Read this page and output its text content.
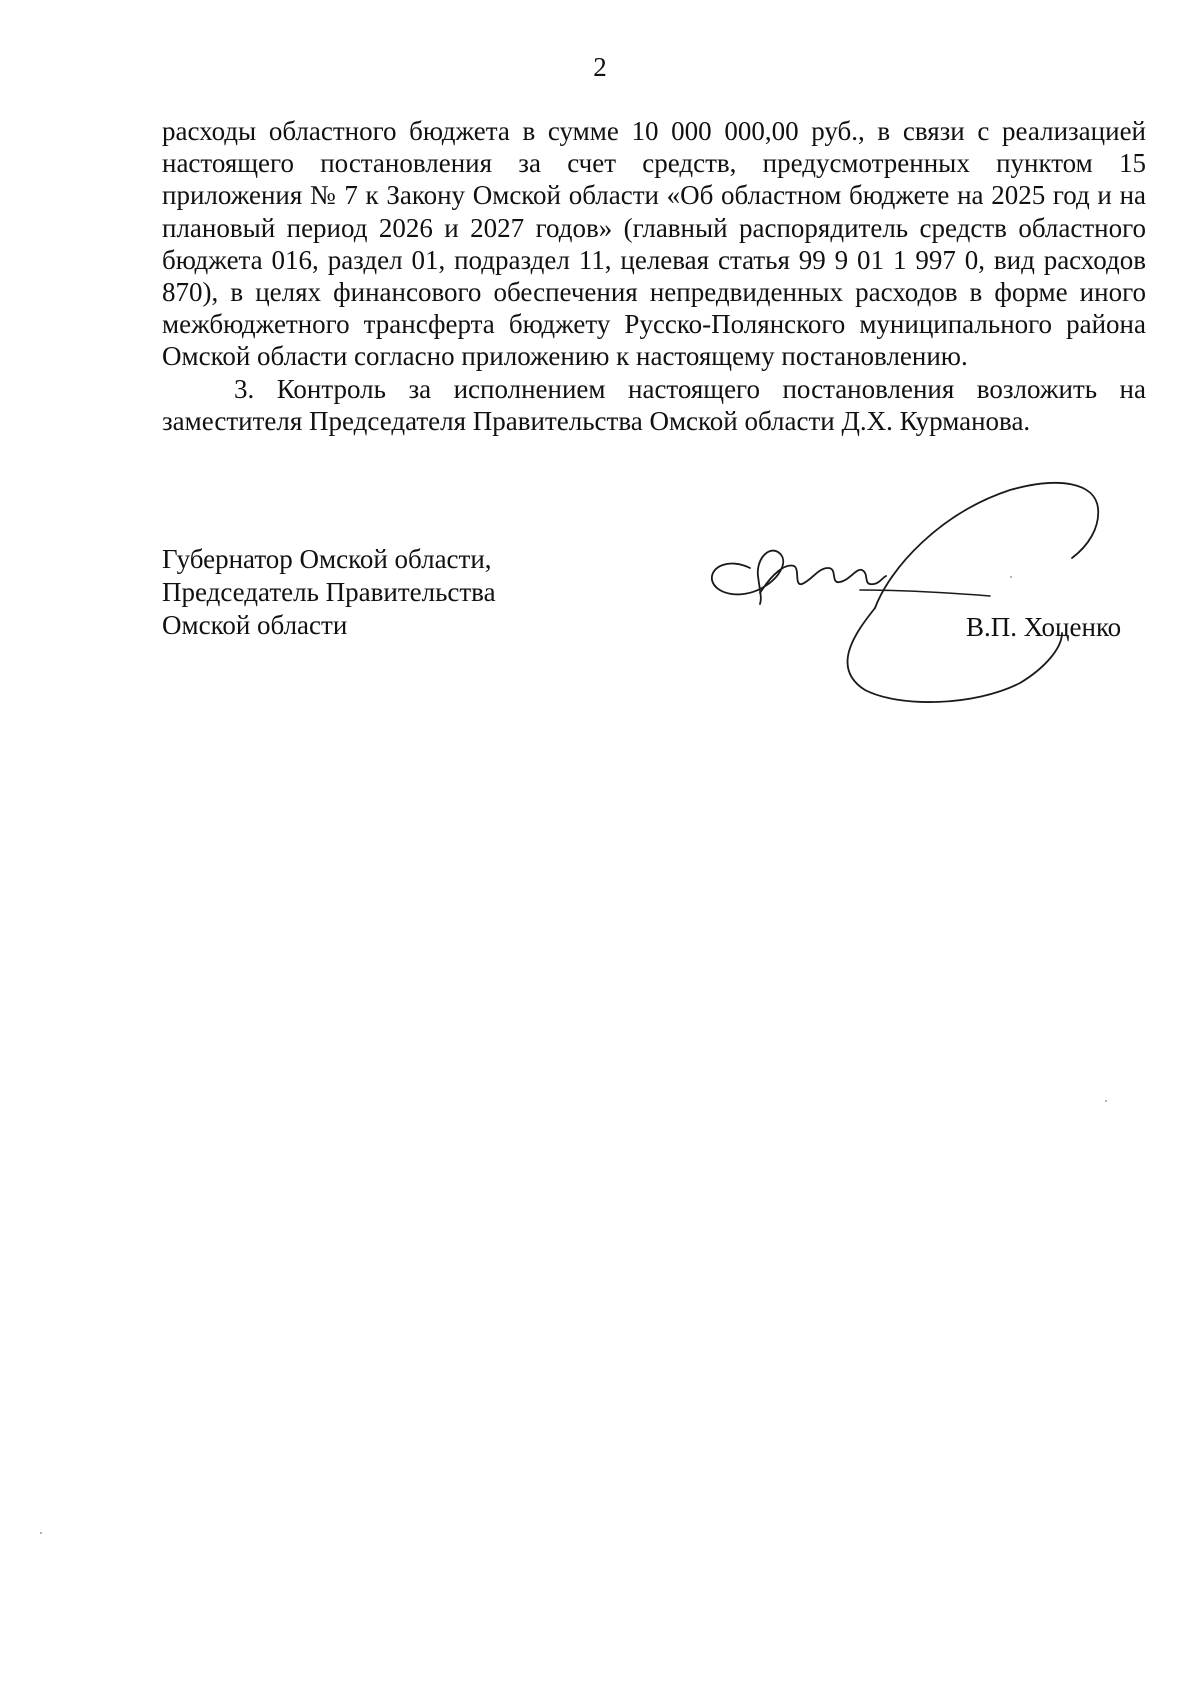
2

расходы областного бюджета в сумме 10 000 000,00 руб., в связи с реализацией настоящего постановления за счет средств, предусмотренных пунктом 15 приложения № 7 к Закону Омской области «Об областном бюджете на 2025 год и на плановый период 2026 и 2027 годов» (главный распорядитель средств областного бюджета 016, раздел 01, подраздел 11, целевая статья 99 9 01 1 997 0, вид расходов 870), в целях финансового обеспечения непредвиденных расходов в форме иного межбюджетного трансферта бюджету Русско-Полянского муниципального района Омской области согласно приложению к настоящему постановлению.

3. Контроль за исполнением настоящего постановления возложить на заместителя Председателя Правительства Омской области Д.Х. Курманова.

Губернатор Омской области,
Председатель Правительства
Омской области	В.П. Хоценко
